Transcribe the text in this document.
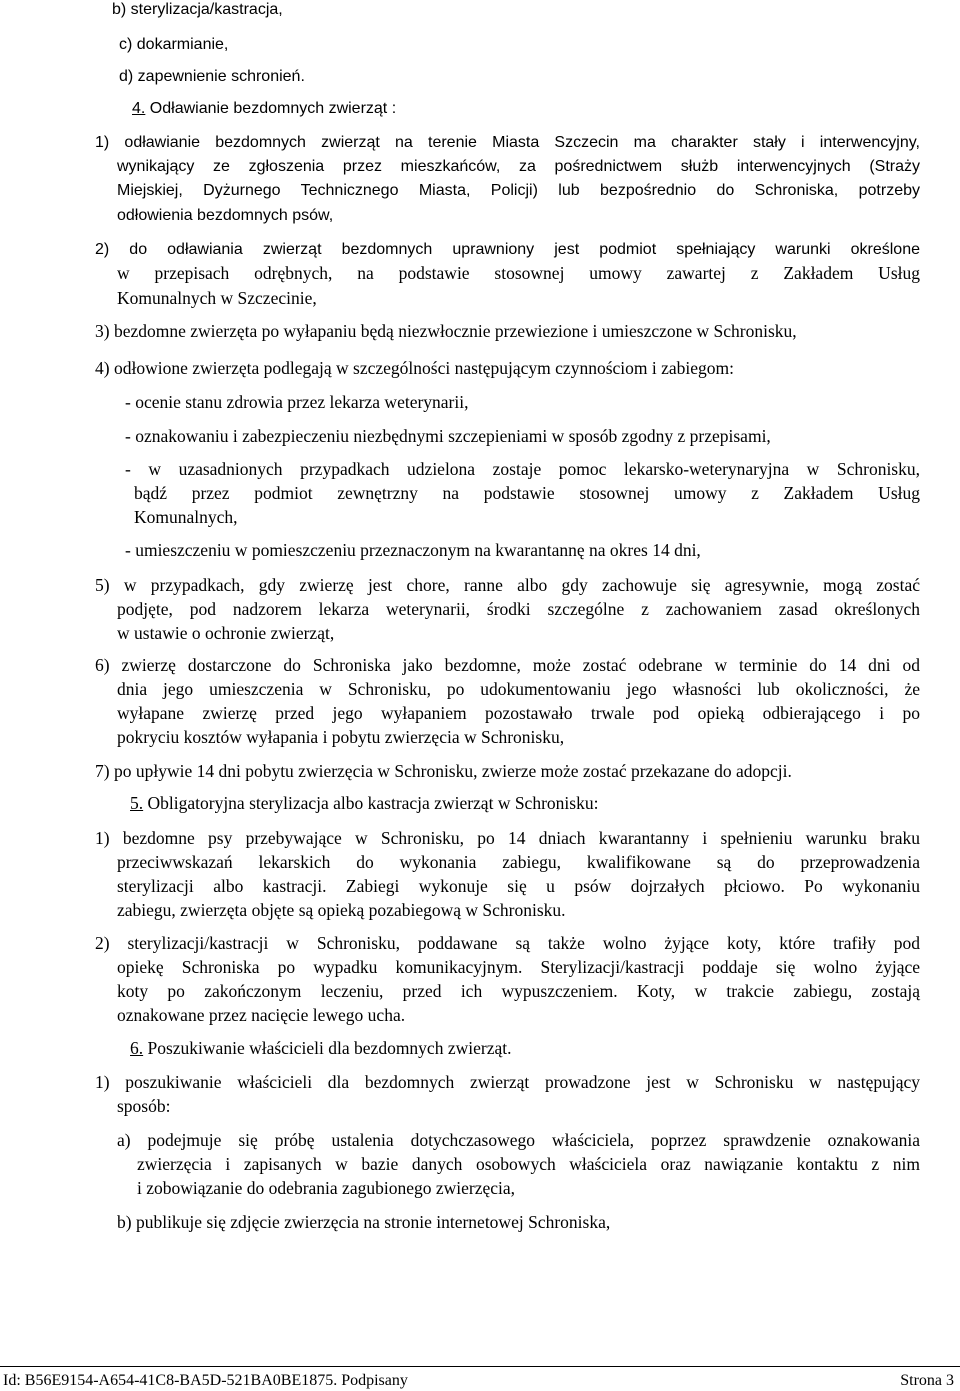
b) sterylizacja/kastracja,
c) dokarmianie,
d) zapewnienie schronień.
4. Odławianie bezdomnych zwierząt :
1) odławianie bezdomnych zwierząt na terenie Miasta Szczecin ma charakter stały i interwencyjny,
wynikający ze zgłoszenia przez mieszkańców, za pośrednictwem służb interwencyjnych (Straży
Miejskiej, Dyżurnego Technicznego Miasta, Policji) lub bezpośrednio do Schroniska, potrzeby
odłowienia bezdomnych psów,
2) do odławiania zwierząt bezdomnych uprawniony jest podmiot spełniający warunki określone
w przepisach odrębnych, na podstawie stosownej umowy zawartej z Zakładem Usług
Komunalnych w Szczecinie,
3) bezdomne zwierzęta po wyłapaniu będą niezwłocznie przewiezione i umieszczone w Schronisku,
4) odłowione zwierzęta podlegają w szczególności następującym czynnościom i zabiegom:
- ocenie stanu zdrowia przez lekarza weterynarii,
- oznakowaniu i zabezpieczeniu niezbędnymi szczepieniami w sposób zgodny z przepisami,
- w uzasadnionych przypadkach udzielona zostaje pomoc lekarsko-weterynaryjna w Schronisku,
bądź przez podmiot zewnętrzny na podstawie stosownej umowy z Zakładem Usług
Komunalnych,
- umieszczeniu w pomieszczeniu przeznaczonym na kwarantannę na okres 14 dni,
5) w przypadkach, gdy zwierzę jest chore, ranne albo gdy zachowuje się agresywnie, mogą zostać
podjęte, pod nadzorem lekarza weterynarii, środki szczególne z zachowaniem zasad określonych
w ustawie o ochronie zwierząt,
6) zwierzę dostarczone do Schroniska jako bezdomne, może zostać odebrane w terminie do 14 dni od
dnia jego umieszczenia w Schronisku, po udokumentowaniu jego własności lub okoliczności, że
wyłapane zwierzę przed jego wyłapaniem pozostawało trwale pod opieką odbierającego i po
pokryciu kosztów wyłapania i pobytu zwierzęcia w Schronisku,
7) po upływie 14 dni pobytu zwierzęcia w Schronisku, zwierze może zostać przekazane do adopcji.
5. Obligatoryjna sterylizacja albo kastracja zwierząt w Schronisku:
1) bezdomne psy przebywające w Schronisku, po 14 dniach kwarantanny i spełnieniu warunku braku
przeciwwskazań lekarskich do wykonania zabiegu, kwalifikowane są do przeprowadzenia
sterylizacji albo kastracji. Zabiegi wykonuje się u psów dojrzałych płciowo. Po wykonaniu
zabiegu, zwierzęta objęte są opieką pozabiegową w Schronisku.
2) sterylizacji/kastracji w Schronisku, poddawane są także wolno żyjące koty, które trafiły pod
opiekę Schroniska po wypadku komunikacyjnym. Sterylizacji/kastracji poddaje się wolno żyjące
koty po zakończonym leczeniu, przed ich wypuszczeniem. Koty, w trakcie zabiegu, zostają
oznakowane przez nacięcie lewego ucha.
6. Poszukiwanie właścicieli dla bezdomnych zwierząt.
1) poszukiwanie właścicieli dla bezdomnych zwierząt prowadzone jest w Schronisku w następujący
sposób:
a) podejmuje się próbę ustalenia dotychczasowego właściciela, poprzez sprawdzenie oznakowania
zwierzęcia i zapisanych w bazie danych osobowych właściciela oraz nawiązanie kontaktu z nim
i zobowiązanie do odebrania zagubionego zwierzęcia,
b) publikuje się zdjęcie zwierzęcia na stronie internetowej Schroniska,
Id: B56E9154-A654-41C8-BA5D-521BA0BE1875. Podpisany	Strona 3
